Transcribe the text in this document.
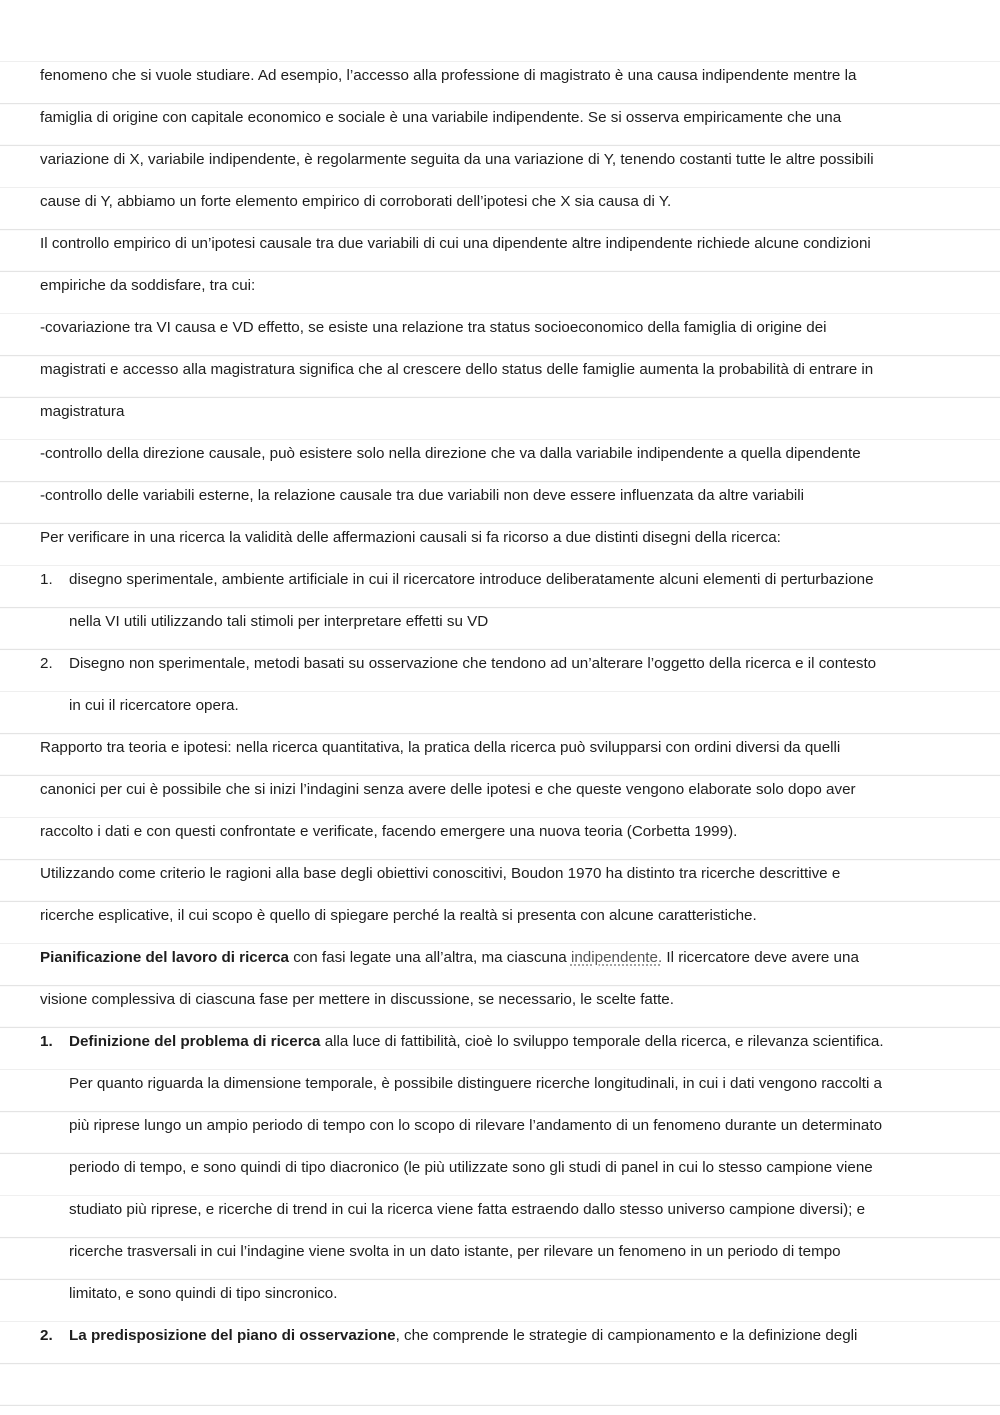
fenomeno che si vuole studiare. Ad esempio, l’accesso alla professione di magistrato è una causa indipendente mentre la
famiglia di origine con capitale economico e sociale è una variabile indipendente. Se si osserva empiricamente che una
variazione di X, variabile indipendente, è regolarmente seguita da una variazione di Y, tenendo costanti tutte le altre possibili
cause di Y, abbiamo un forte elemento empirico di corroborati dell’ipotesi che X sia causa di Y.
Il controllo empirico di un’ipotesi causale tra due variabili di cui una dipendente altre indipendente richiede alcune condizioni
empiriche da soddisfare, tra cui:
-covariazione tra VI causa e VD effetto, se esiste una relazione tra status socioeconomico della famiglia di origine dei
magistrati e accesso alla magistratura significa che al crescere dello status delle famiglie aumenta la probabilità di entrare in
magistratura
-controllo della direzione causale, può esistere solo nella direzione che va dalla variabile indipendente a quella dipendente
-controllo delle variabili esterne, la relazione causale tra due variabili non deve essere influenzata da altre variabili
Per verificare in una ricerca la validità delle affermazioni causali si fa ricorso a due distinti disegni della ricerca:
1. disegno sperimentale, ambiente artificiale in cui il ricercatore introduce deliberatamente alcuni elementi di perturbazione
nella VI utili utilizzando tali stimoli per interpretare effetti su VD
2. Disegno non sperimentale, metodi basati su osservazione che tendono ad un’alterare l’oggetto della ricerca e il contesto
in cui il ricercatore opera.
Rapporto tra teoria e ipotesi: nella ricerca quantitativa, la pratica della ricerca può svilupparsi con ordini diversi da quelli
canonici per cui è possibile che si inizi l’indagini senza avere delle ipotesi e che queste vengono elaborate solo dopo aver
raccolto i dati e con questi confrontate e verificate, facendo emergere una nuova teoria (Corbetta 1999).
Utilizzando come criterio le ragioni alla base degli obiettivi conoscitivi, Boudon 1970 ha distinto tra ricerche descrittive e
ricerche esplicative, il cui scopo è quello di spiegare perché la realtà si presenta con alcune caratteristiche.
Pianificazione del lavoro di ricerca con fasi legate una all’altra, ma ciascuna indipendente. Il ricercatore deve avere una
visione complessiva di ciascuna fase per mettere in discussione, se necessario, le scelte fatte.
1. Definizione del problema di ricerca alla luce di fattibilità, cioè lo sviluppo temporale della ricerca, e rilevanza scientifica.
Per quanto riguarda la dimensione temporale, è possibile distinguere ricerche longitudinali, in cui i dati vengono raccolti a
più riprese lungo un ampio periodo di tempo con lo scopo di rilevare l’andamento di un fenomeno durante un determinato
periodo di tempo, e sono quindi di tipo diacronico (le più utilizzate sono gli studi di panel in cui lo stesso campione viene
studiato più riprese, e ricerche di trend in cui la ricerca viene fatta estraendo dallo stesso universo campione diversi); e
ricerche trasversali in cui l’indagine viene svolta in un dato istante, per rilevare un fenomeno in un periodo di tempo
limitato, e sono quindi di tipo sincronico.
2. La predisposizione del piano di osservazione, che comprende le strategie di campionamento e la definizione degli
